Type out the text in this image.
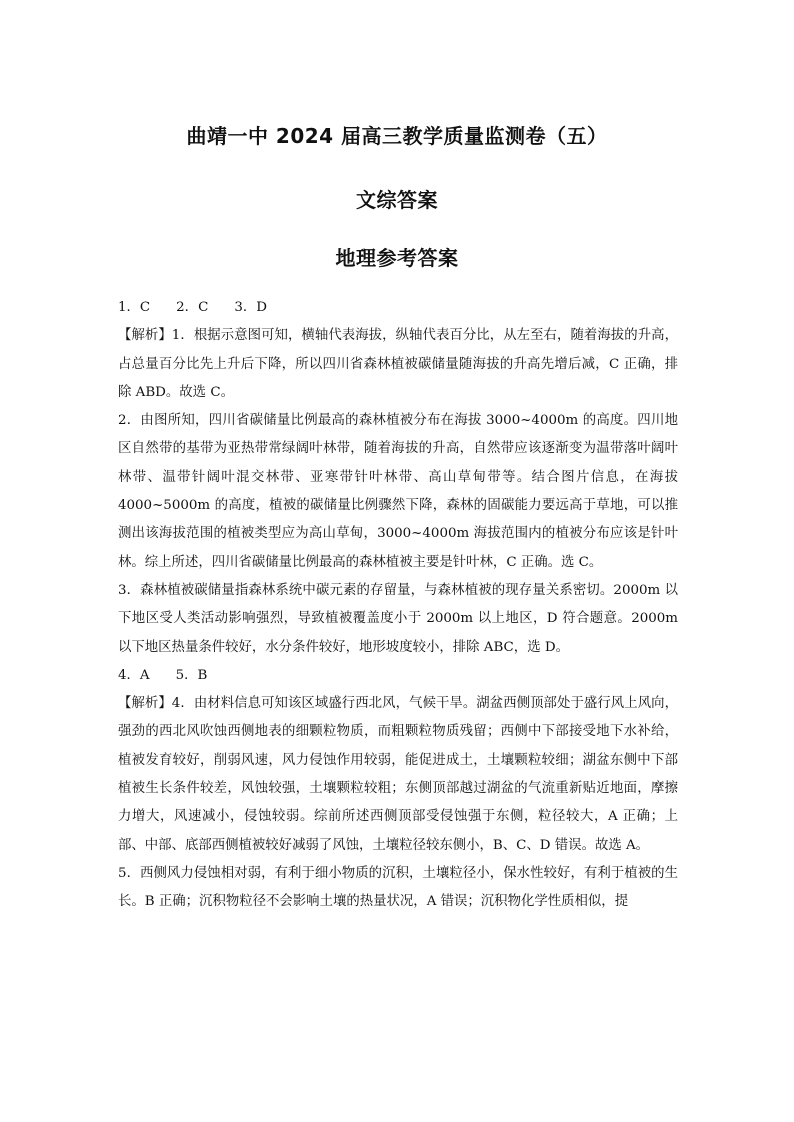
曲靖一中 2024 届高三教学质量监测卷（五）
文综答案
地理参考答案

1．C 2．C 3．D

【解析】1．根据示意图可知，横轴代表海拔，纵轴代表百分比，从左至右，随着海拔的升高，占总量百分比先上升后下降，所以四川省森林植被碳储量随海拔的升高先增后减，C 正确，排除 ABD。故选 C。

2．由图所知，四川省碳储量比例最高的森林植被分布在海拔 3000~4000m 的高度。四川地区自然带的基带为亚热带常绿阔叶林带，随着海拔的升高，自然带应该逐渐变为温带落叶阔叶林带、温带针阔叶混交林带、亚寒带针叶林带、高山草甸带等。结合图片信息，在海拔 4000~5000m 的高度，植被的碳储量比例骤然下降，森林的固碳能力要远高于草地，可以推测出该海拔范围的植被类型应为高山草甸，3000~4000m 海拔范围内的植被分布应该是针叶林。综上所述，四川省碳储量比例最高的森林植被主要是针叶林，C 正确。选 C。

3．森林植被碳储量指森林系统中碳元素的存留量，与森林植被的现存量关系密切。2000m 以下地区受人类活动影响强烈，导致植被覆盖度小于 2000m 以上地区，D 符合题意。2000m 以下地区热量条件较好，水分条件较好，地形坡度较小，排除 ABC，选 D。

4．A 5．B

【解析】4．由材料信息可知该区域盛行西北风，气候干旱。湖盆西侧顶部处于盛行风上风向，强劲的西北风吹蚀西侧地表的细颗粒物质，而粗颗粒物质残留；西侧中下部接受地下水补给，植被发育较好，削弱风速，风力侵蚀作用较弱，能促进成土，土壤颗粒较细；湖盆东侧中下部植被生长条件较差，风蚀较强，土壤颗粒较粗；东侧顶部越过湖盆的气流重新贴近地面，摩擦力增大，风速减小，侵蚀较弱。综前所述西侧顶部受侵蚀强于东侧，粒径较大，A 正确；上部、中部、底部西侧植被较好减弱了风蚀，土壤粒径较东侧小，B、C、D 错误。故选 A。

5．西侧风力侵蚀相对弱，有利于细小物质的沉积，土壤粒径小，保水性较好，有利于植被的生长。B 正确；沉积物粒径不会影响土壤的热量状况，A 错误；沉积物化学性质相似，提
